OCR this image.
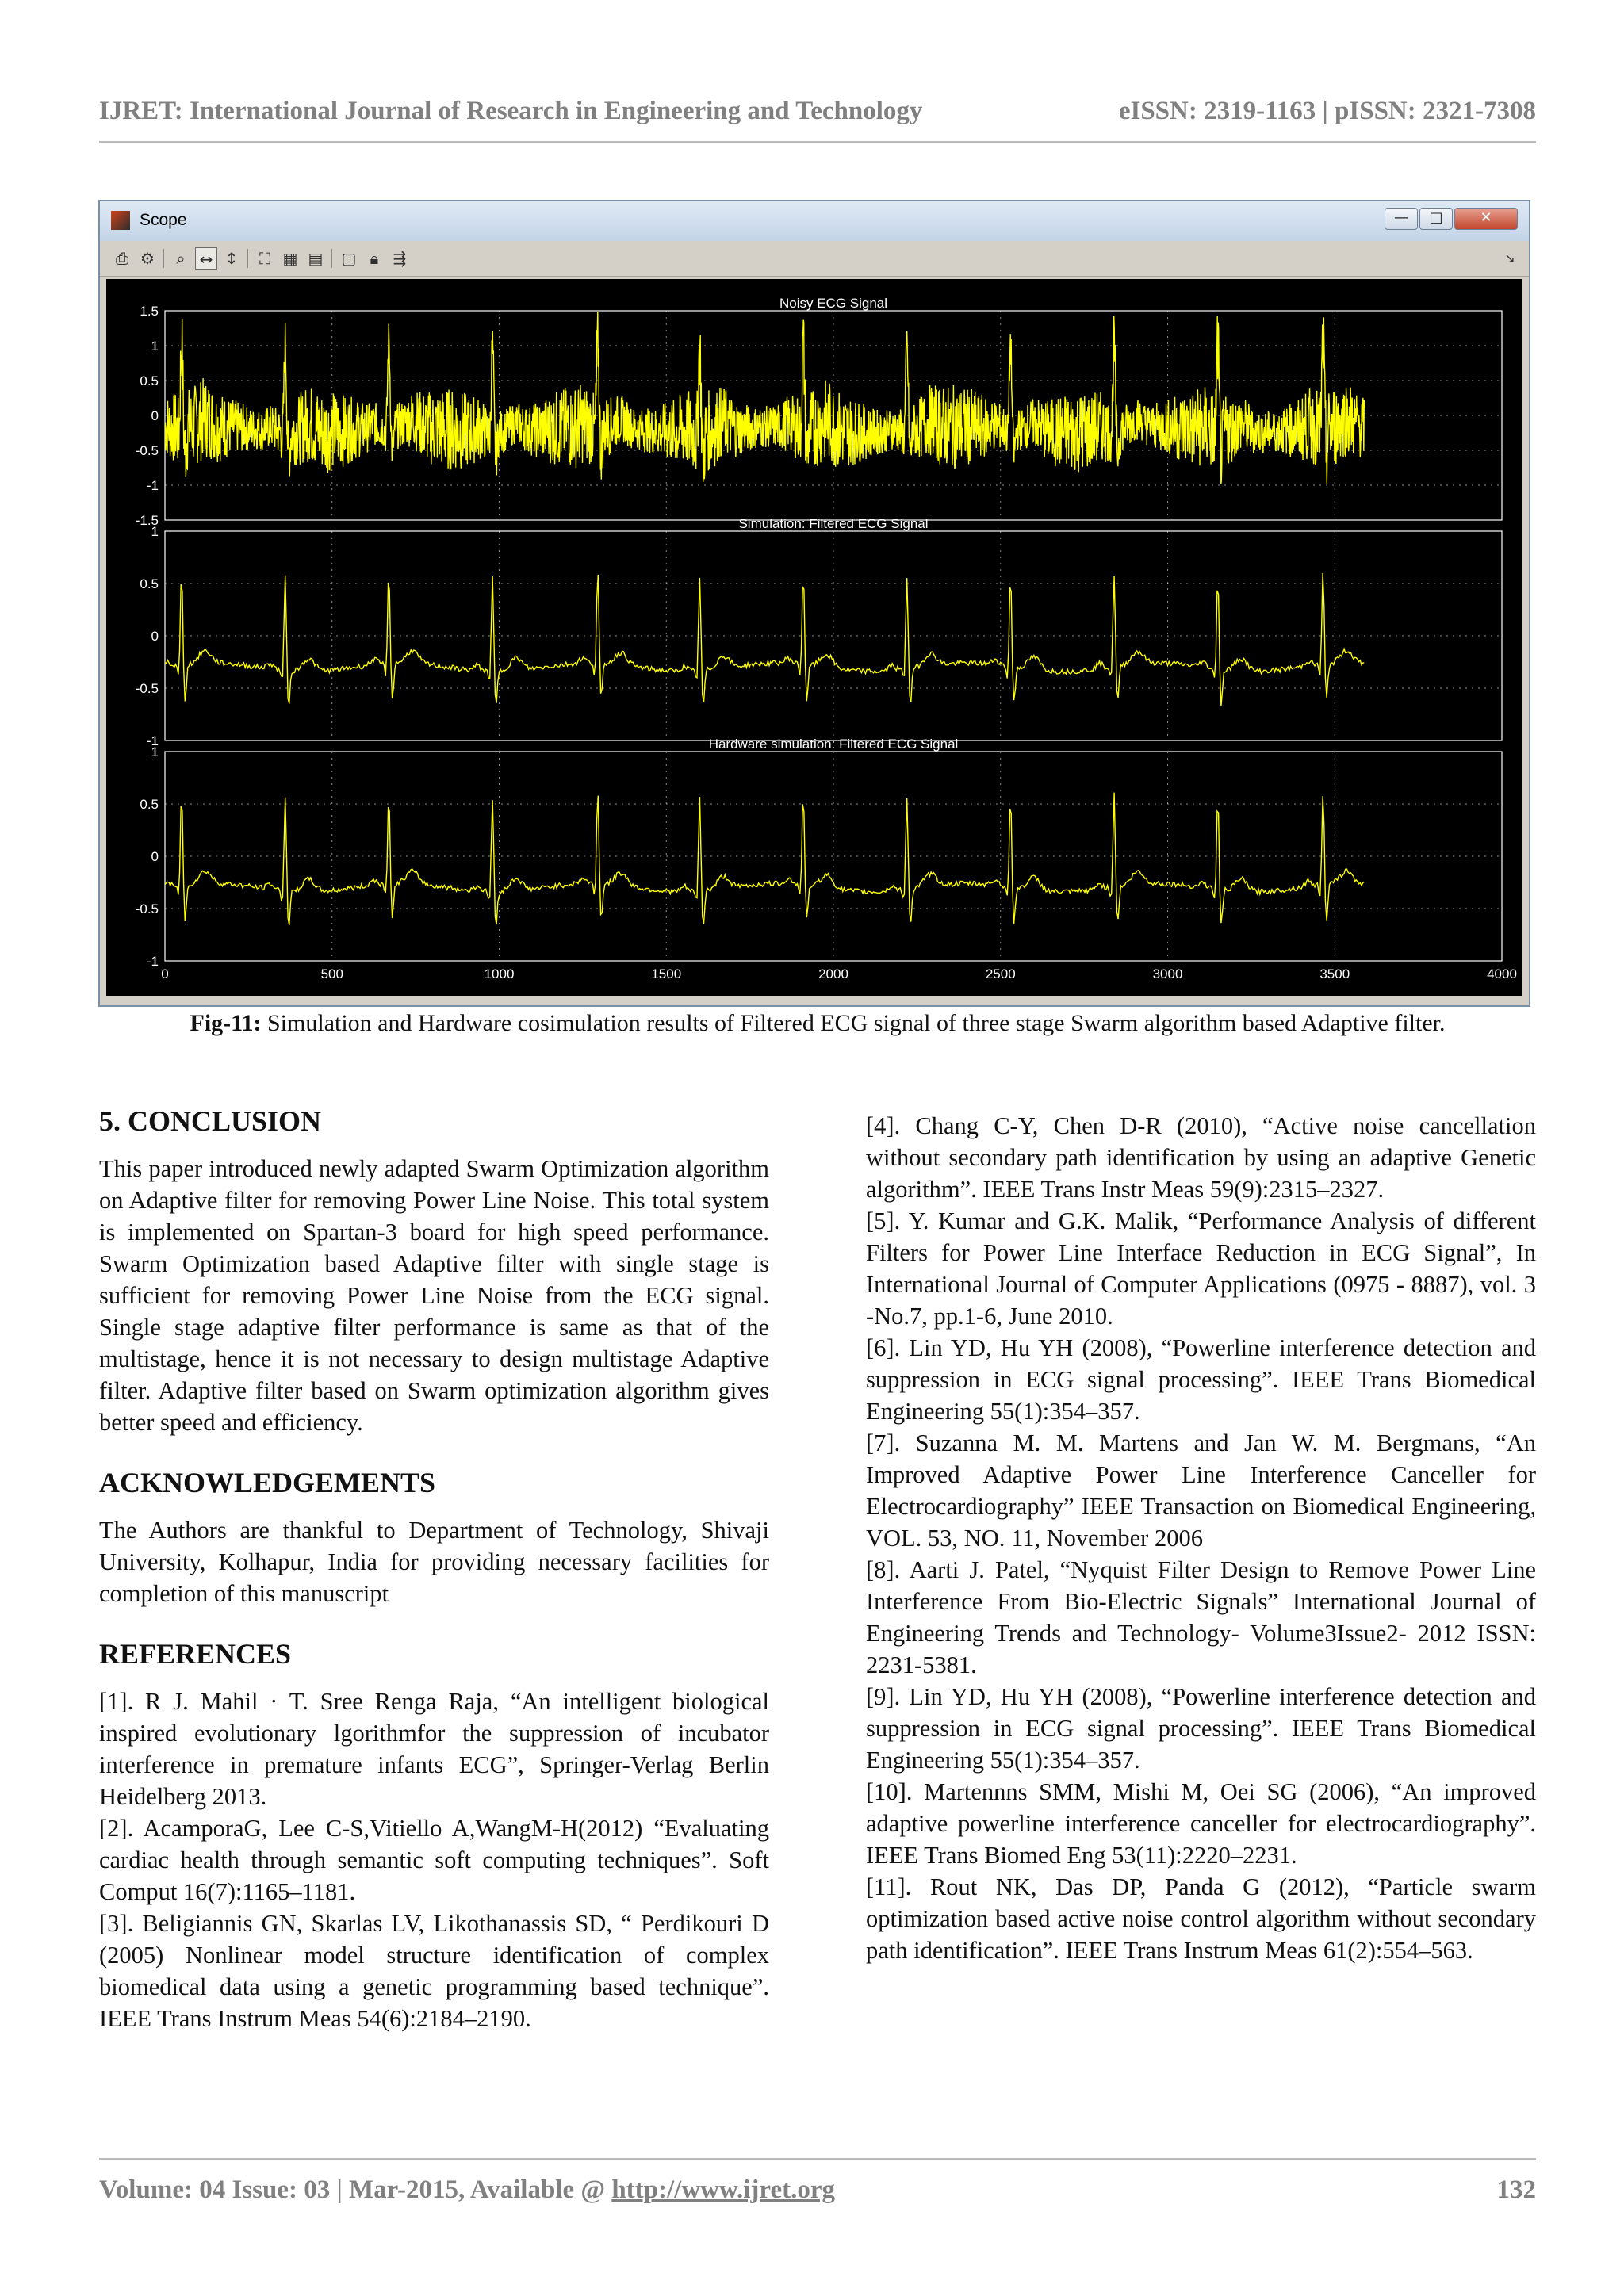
IJRET: International Journal of Research in Engineering and Technology	eISSN: 2319-1163 | pISSN: 2321-7308
Scope	—	□	✕
⎙ ⚙	⌕ ↔ ↕	⛶ ▦ ▤ ▢ 🔒︎ ⇶	↘
Noisy ECG Signal
1.5
1
0.5
0
-0.5
-1
-1.5	Simulation: Filtered ECG Signal
1
0.5
0
-0.5
-1	Hardware simulation: Filtered ECG Signal
1
0.5
0
-0.5
-1
0	500	1000	1500	2000	2500	3000	3500	4000
Time offset: 0
Fig-11: Simulation and Hardware cosimulation results of Filtered ECG signal of three stage Swarm algorithm based Adaptive filter.
5. CONCLUSION

This paper introduced newly adapted Swarm Optimization algorithm on Adaptive filter for removing Power Line Noise. This total system is implemented on Spartan-3 board for high speed performance. Swarm Optimization based Adaptive filter with single stage is sufficient for removing Power Line Noise from the ECG signal. Single stage adaptive filter performance is same as that of the multistage, hence it is not necessary to design multistage Adaptive filter. Adaptive filter based on Swarm optimization algorithm gives better speed and efficiency.

ACKNOWLEDGEMENTS

The Authors are thankful to Department of Technology, Shivaji University, Kolhapur, India for providing necessary facilities for completion of this manuscript

REFERENCES

[1]. R J. Mahil · T. Sree Renga Raja, “An intelligent biological inspired evolutionary lgorithmfor the suppression of incubator interference in premature infants ECG”, Springer-Verlag Berlin Heidelberg 2013.

[2]. AcamporaG, Lee C-S,Vitiello A,WangM-H(2012) “Evaluating cardiac health through semantic soft computing techniques”. Soft Comput 16(7):1165–1181.

[3]. Beligiannis GN, Skarlas LV, Likothanassis SD, “ Perdikouri D (2005) Nonlinear model structure identification of complex biomedical data using a genetic programming based technique”. IEEE Trans Instrum Meas 54(6):2184–2190.

[4]. Chang C-Y, Chen D-R (2010), “Active noise cancellation without secondary path identification by using an adaptive Genetic algorithm”. IEEE Trans Instr Meas 59(9):2315–2327.

[5]. Y. Kumar and G.K. Malik, “Performance Analysis of different Filters for Power Line Interface Reduction in ECG Signal”, In International Journal of Computer Applications (0975 - 8887), vol. 3 -No.7, pp.1-6, June 2010.

[6]. Lin YD, Hu YH (2008), “Powerline interference detection and suppression in ECG signal processing”. IEEE Trans Biomedical Engineering 55(1):354–357.

[7]. Suzanna M. M. Martens and Jan W. M. Bergmans, “An Improved Adaptive Power Line Interference Canceller for Electrocardiography” IEEE Transaction on Biomedical Engineering, VOL. 53, NO. 11, November 2006

[8]. Aarti J. Patel, “Nyquist Filter Design to Remove Power Line Interference From Bio-Electric Signals” International Journal of Engineering Trends and Technology- Volume3Issue2- 2012 ISSN: 2231-5381.

[9]. Lin YD, Hu YH (2008), “Powerline interference detection and suppression in ECG signal processing”. IEEE Trans Biomedical Engineering 55(1):354–357.

[10]. Martennns SMM, Mishi M, Oei SG (2006), “An improved adaptive powerline interference canceller for electrocardiography”. IEEE Trans Biomed Eng 53(11):2220–2231.

[11]. Rout NK, Das DP, Panda G (2012), “Particle swarm optimization based active noise control algorithm without secondary path identification”. IEEE Trans Instrum Meas 61(2):554–563.

Volume: 04 Issue: 03 | Mar-2015, Available @ http://www.ijret.org	132
